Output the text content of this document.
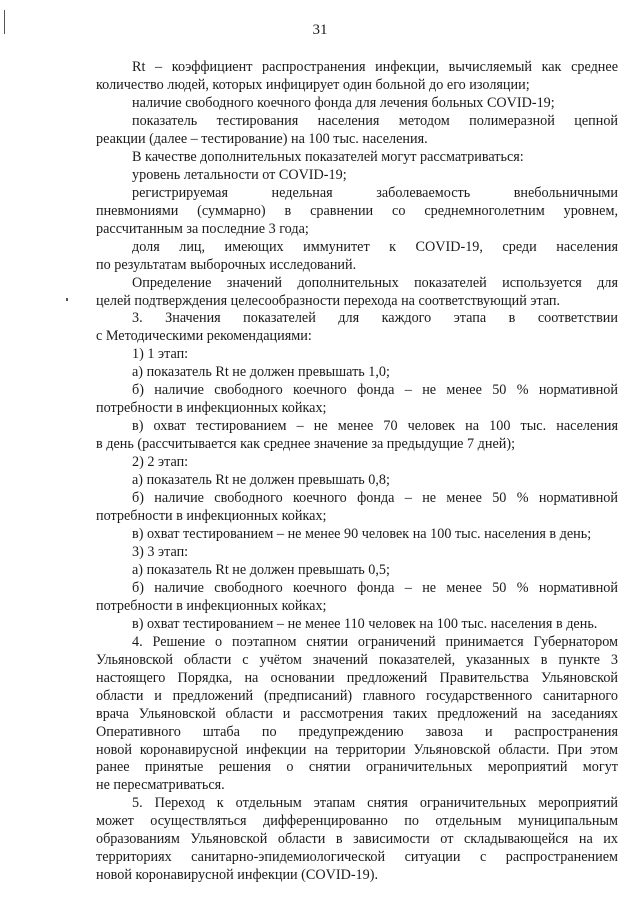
31
Rt – коэффициент распространения инфекции, вычисляемый как среднее
количество людей, которых инфицирует один больной до его изоляции;
наличие свободного коечного фонда для лечения больных COVID-19;
показатель тестирования населения методом полимеразной цепной
реакции (далее – тестирование) на 100 тыс. населения.
В качестве дополнительных показателей могут рассматриваться:
уровень летальности от COVID-19;
регистрируемая недельная заболеваемость внебольничными
пневмониями (суммарно) в сравнении со среднемноголетним уровнем,
рассчитанным за последние 3 года;
доля лиц, имеющих иммунитет к COVID-19, среди населения
по результатам выборочных исследований.
Определение значений дополнительных показателей используется для
целей подтверждения целесообразности перехода на соответствующий этап.
3. Значения показателей для каждого этапа в соответствии
с Методическими рекомендациями:
1) 1 этап:
а) показатель Rt не должен превышать 1,0;
б) наличие свободного коечного фонда – не менее 50 % нормативной
потребности в инфекционных койках;
в) охват тестированием – не менее 70 человек на 100 тыс. населения
в день (рассчитывается как среднее значение за предыдущие 7 дней);
2) 2 этап:
а) показатель Rt не должен превышать 0,8;
б) наличие свободного коечного фонда – не менее 50 % нормативной
потребности в инфекционных койках;
в) охват тестированием – не менее 90 человек на 100 тыс. населения в день;
3) 3 этап:
а) показатель Rt не должен превышать 0,5;
б) наличие свободного коечного фонда – не менее 50 % нормативной
потребности в инфекционных койках;
в) охват тестированием – не менее 110 человек на 100 тыс. населения в день.
4. Решение о поэтапном снятии ограничений принимается Губернатором
Ульяновской области с учётом значений показателей, указанных в пункте 3
настоящего Порядка, на основании предложений Правительства Ульяновской
области и предложений (предписаний) главного государственного санитарного
врача Ульяновской области и рассмотрения таких предложений на заседаниях
Оперативного штаба по предупреждению завоза и распространения
новой коронавирусной инфекции на территории Ульяновской области. При этом
ранее принятые решения о снятии ограничительных мероприятий могут
не пересматриваться.
5. Переход к отдельным этапам снятия ограничительных мероприятий
может осуществляться дифференцированно по отдельным муниципальным
образованиям Ульяновской области в зависимости от складывающейся на их
территориях санитарно-эпидемиологической ситуации с распространением
новой коронавирусной инфекции (COVID-19).
